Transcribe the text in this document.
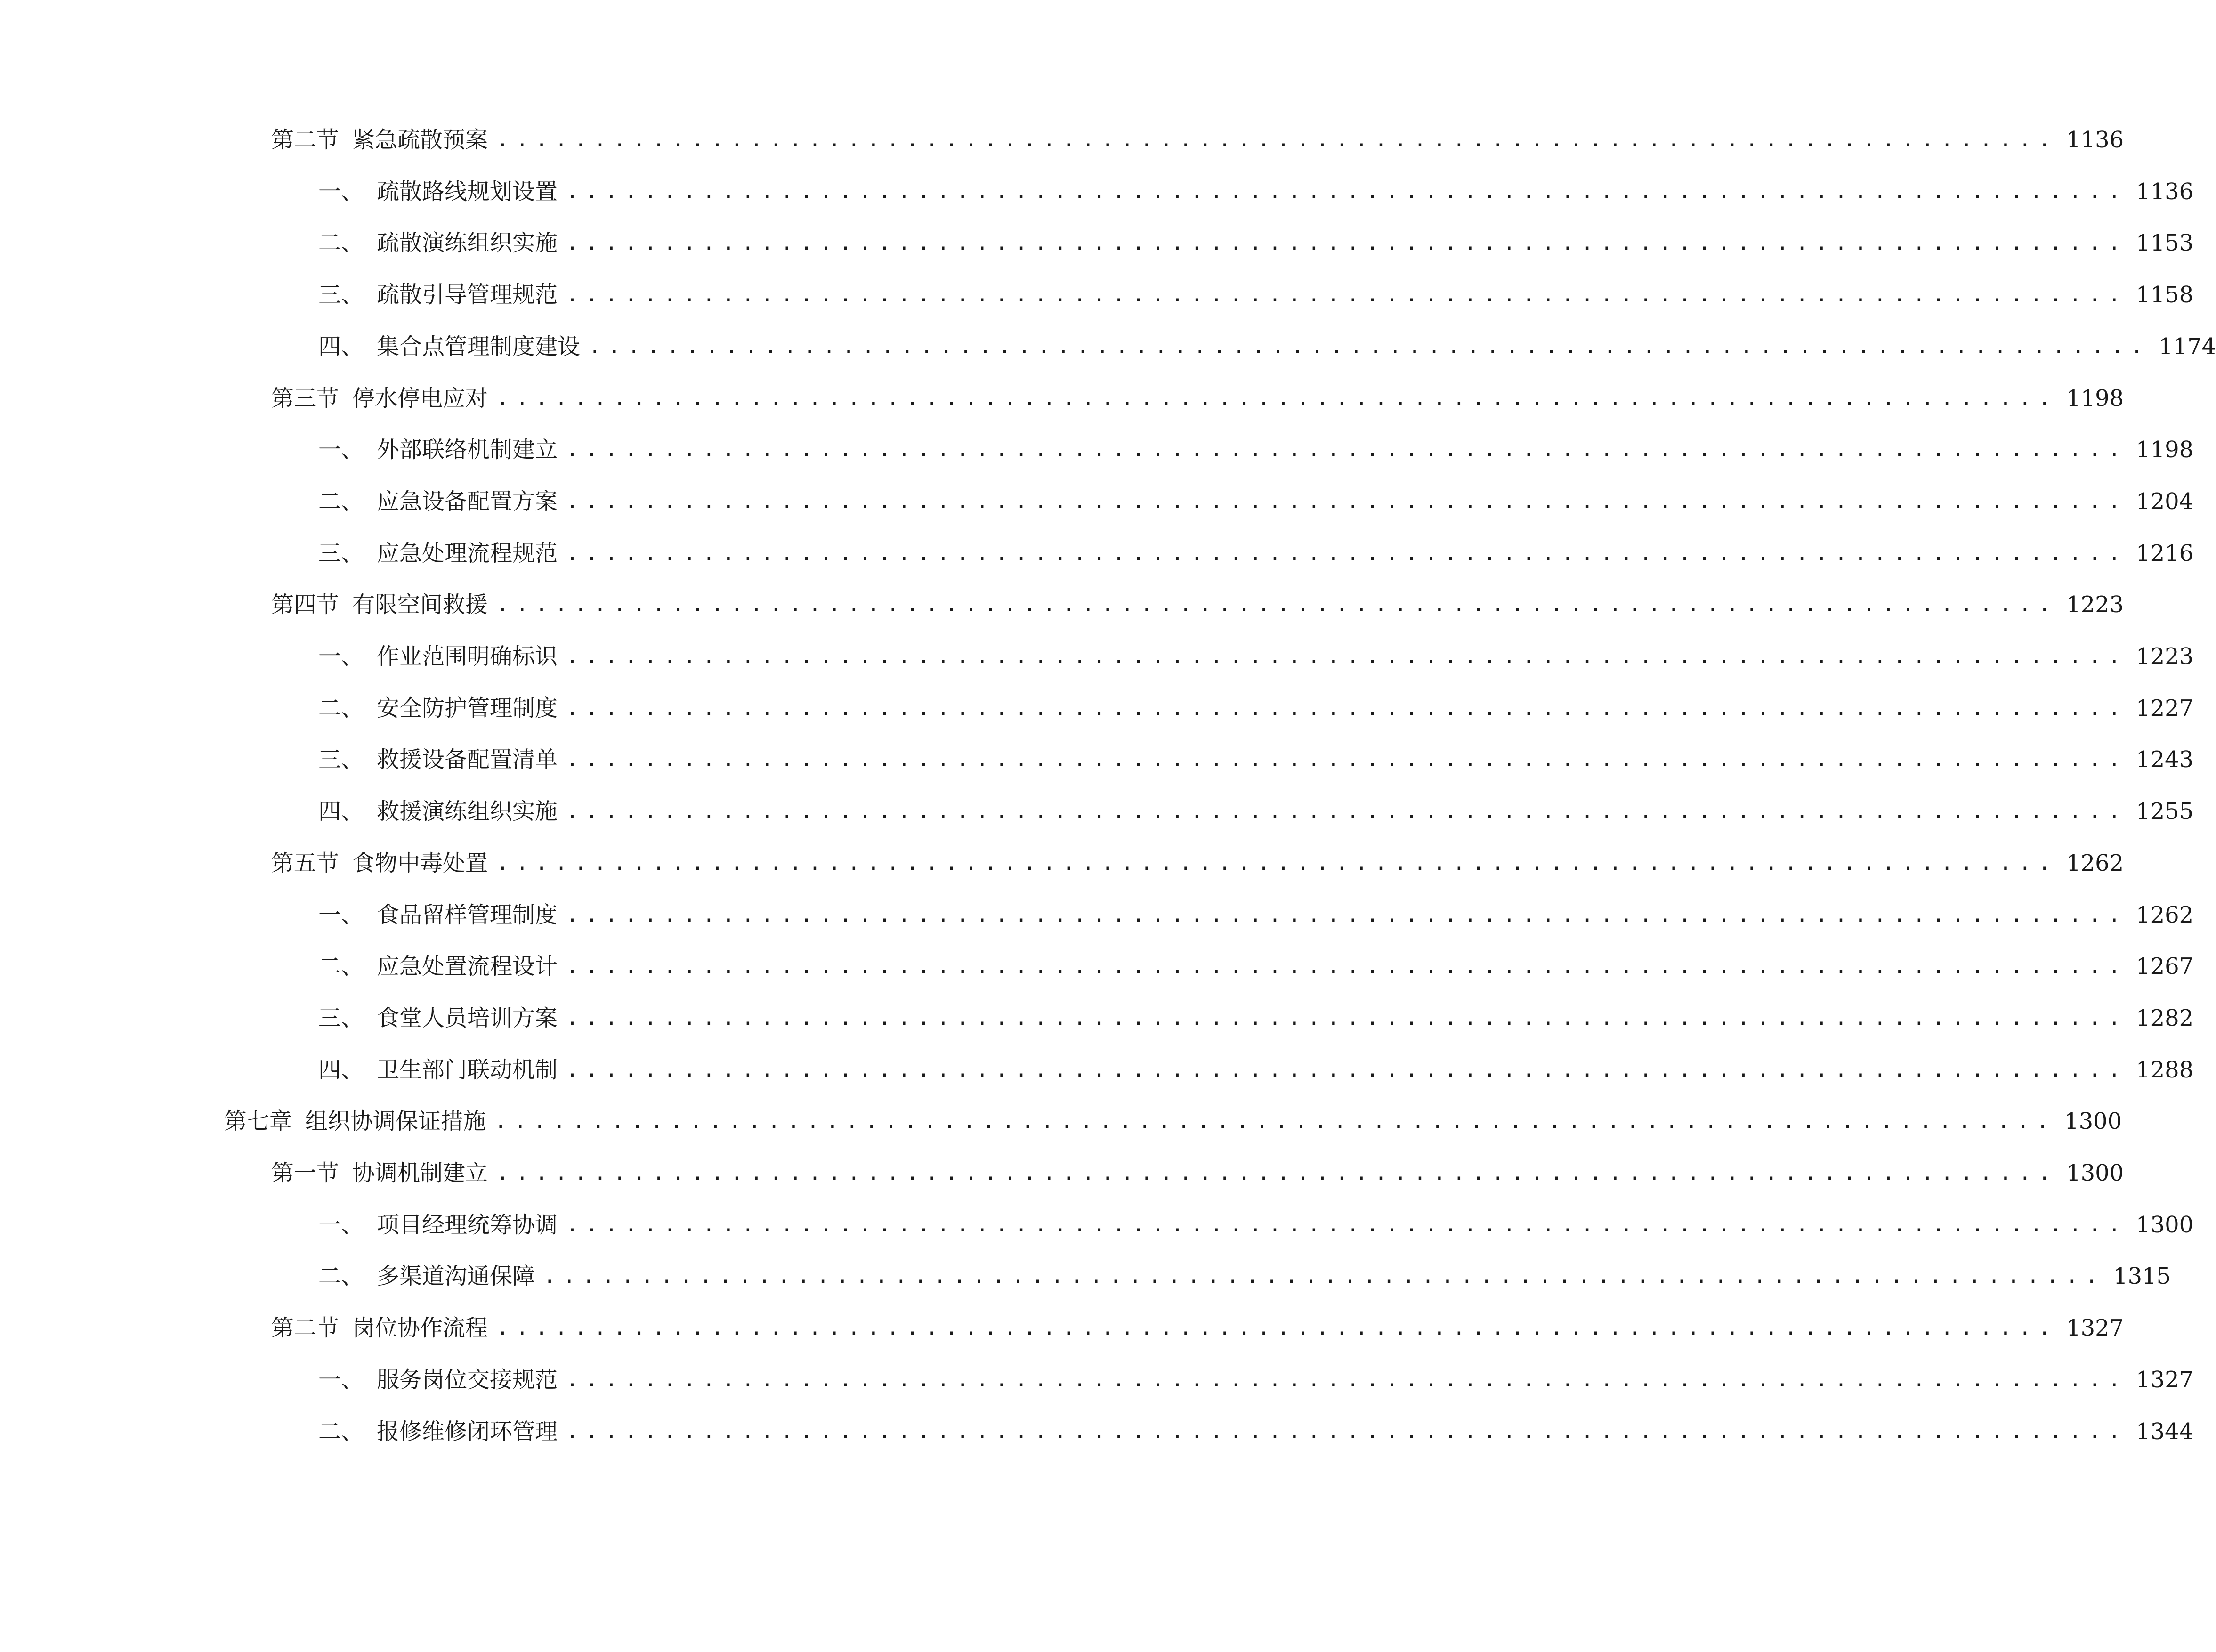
第二节 紧急疏散预案 ................................................................................ 1136
一、 疏散路线规划设置 ................................................................................ 1136
二、 疏散演练组织实施 ................................................................................ 1153
三、 疏散引导管理规范 ................................................................................ 1158
四、 集合点管理制度建设 ................................................................................ 1174
第三节 停水停电应对 ................................................................................ 1198
一、 外部联络机制建立 ................................................................................ 1198
二、 应急设备配置方案 ................................................................................ 1204
三、 应急处理流程规范 ................................................................................ 1216
第四节 有限空间救援 ................................................................................ 1223
一、 作业范围明确标识 ................................................................................ 1223
二、 安全防护管理制度 ................................................................................ 1227
三、 救援设备配置清单 ................................................................................ 1243
四、 救援演练组织实施 ................................................................................ 1255
第五节 食物中毒处置 ................................................................................ 1262
一、 食品留样管理制度 ................................................................................ 1262
二、 应急处置流程设计 ................................................................................ 1267
三、 食堂人员培训方案 ................................................................................ 1282
四、 卫生部门联动机制 ................................................................................ 1288
第七章 组织协调保证措施 ................................................................................ 1300
第一节 协调机制建立 ................................................................................ 1300
一、 项目经理统筹协调 ................................................................................ 1300
二、 多渠道沟通保障 ................................................................................ 1315
第二节 岗位协作流程 ................................................................................ 1327
一、 服务岗位交接规范 ................................................................................ 1327
二、 报修维修闭环管理 ................................................................................ 1344
